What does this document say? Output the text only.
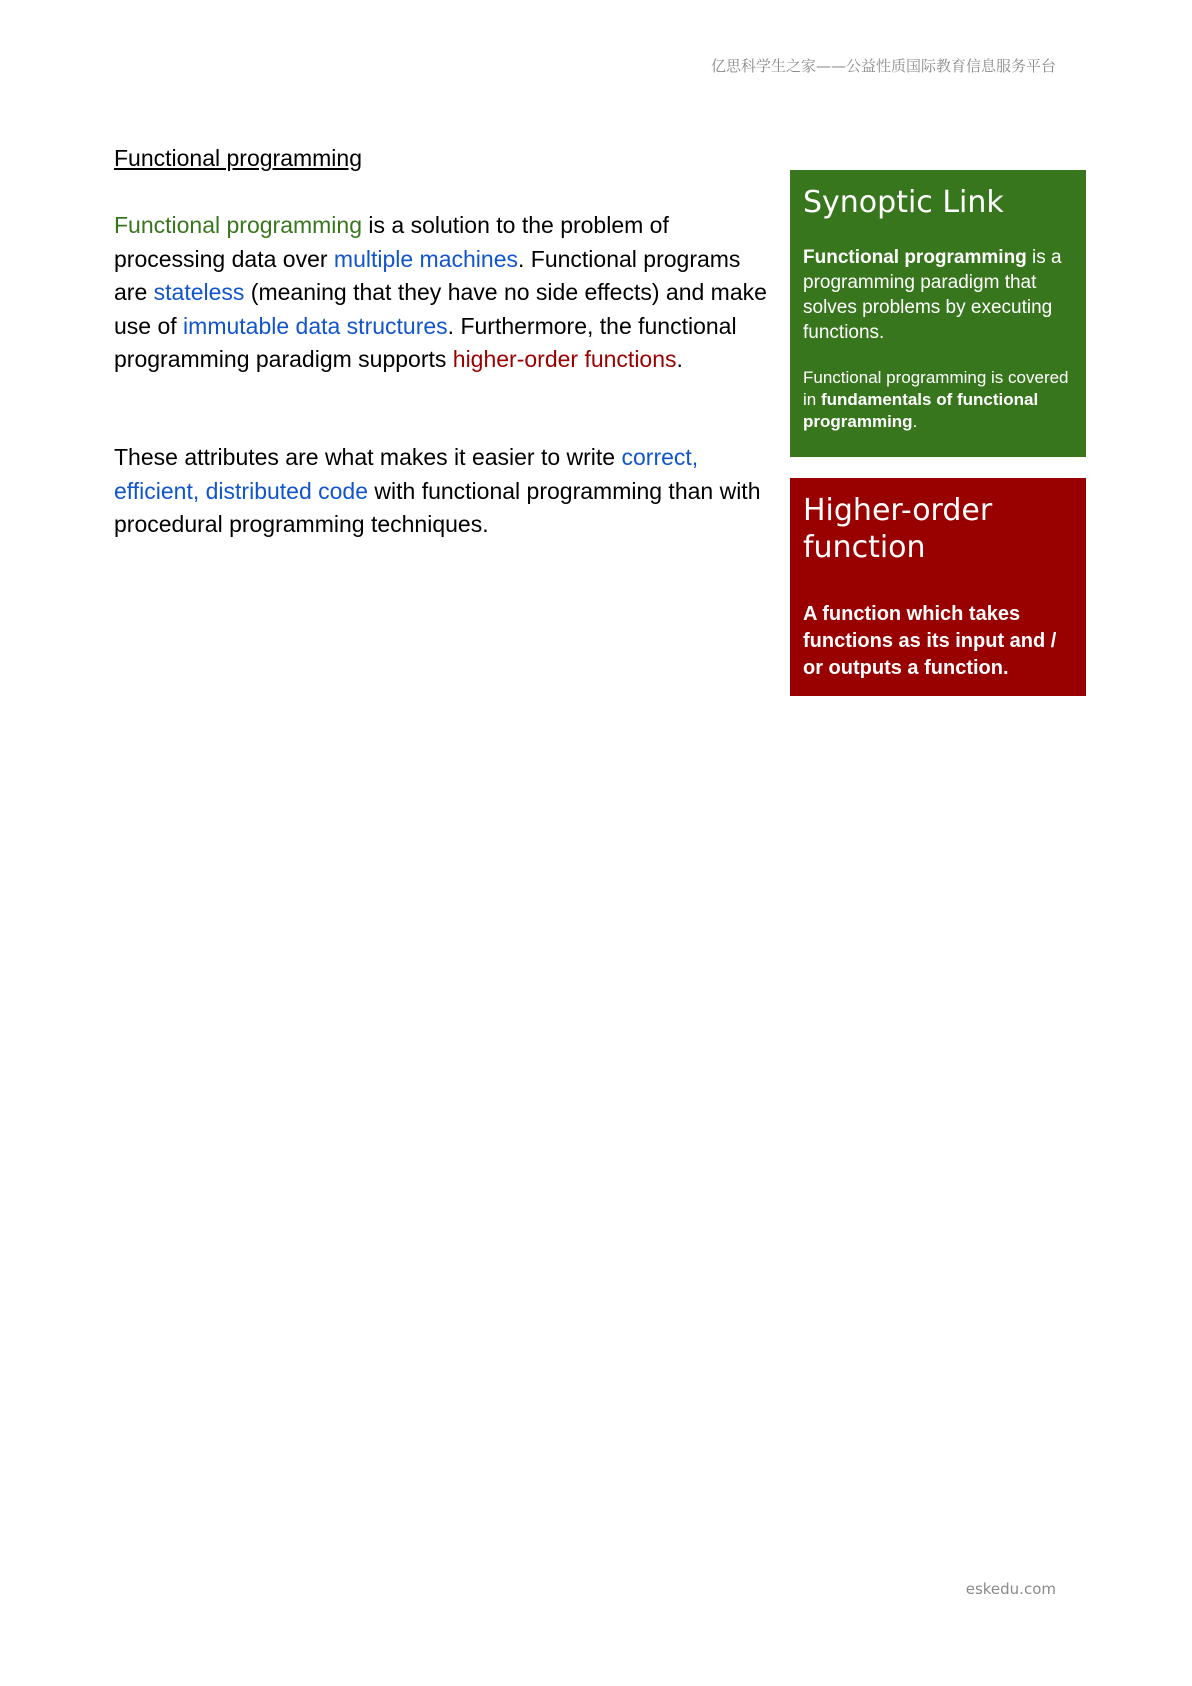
亿思科学生之家——公益性质国际教育信息服务平台
Functional programming

Functional programming is a solution to the problem of processing data over multiple machines. Functional programs are stateless (meaning that they have no side effects) and make use of immutable data structures. Furthermore, the functional programming paradigm supports higher-order functions.

These attributes are what makes it easier to write correct, efficient, distributed code with functional programming than with procedural programming techniques.

Synoptic Link

Functional programming is a programming paradigm that solves problems by executing functions.

Functional programming is covered in fundamentals of functional programming.

Higher-order function

A function which takes functions as its input and / or outputs a function.

eskedu.com
